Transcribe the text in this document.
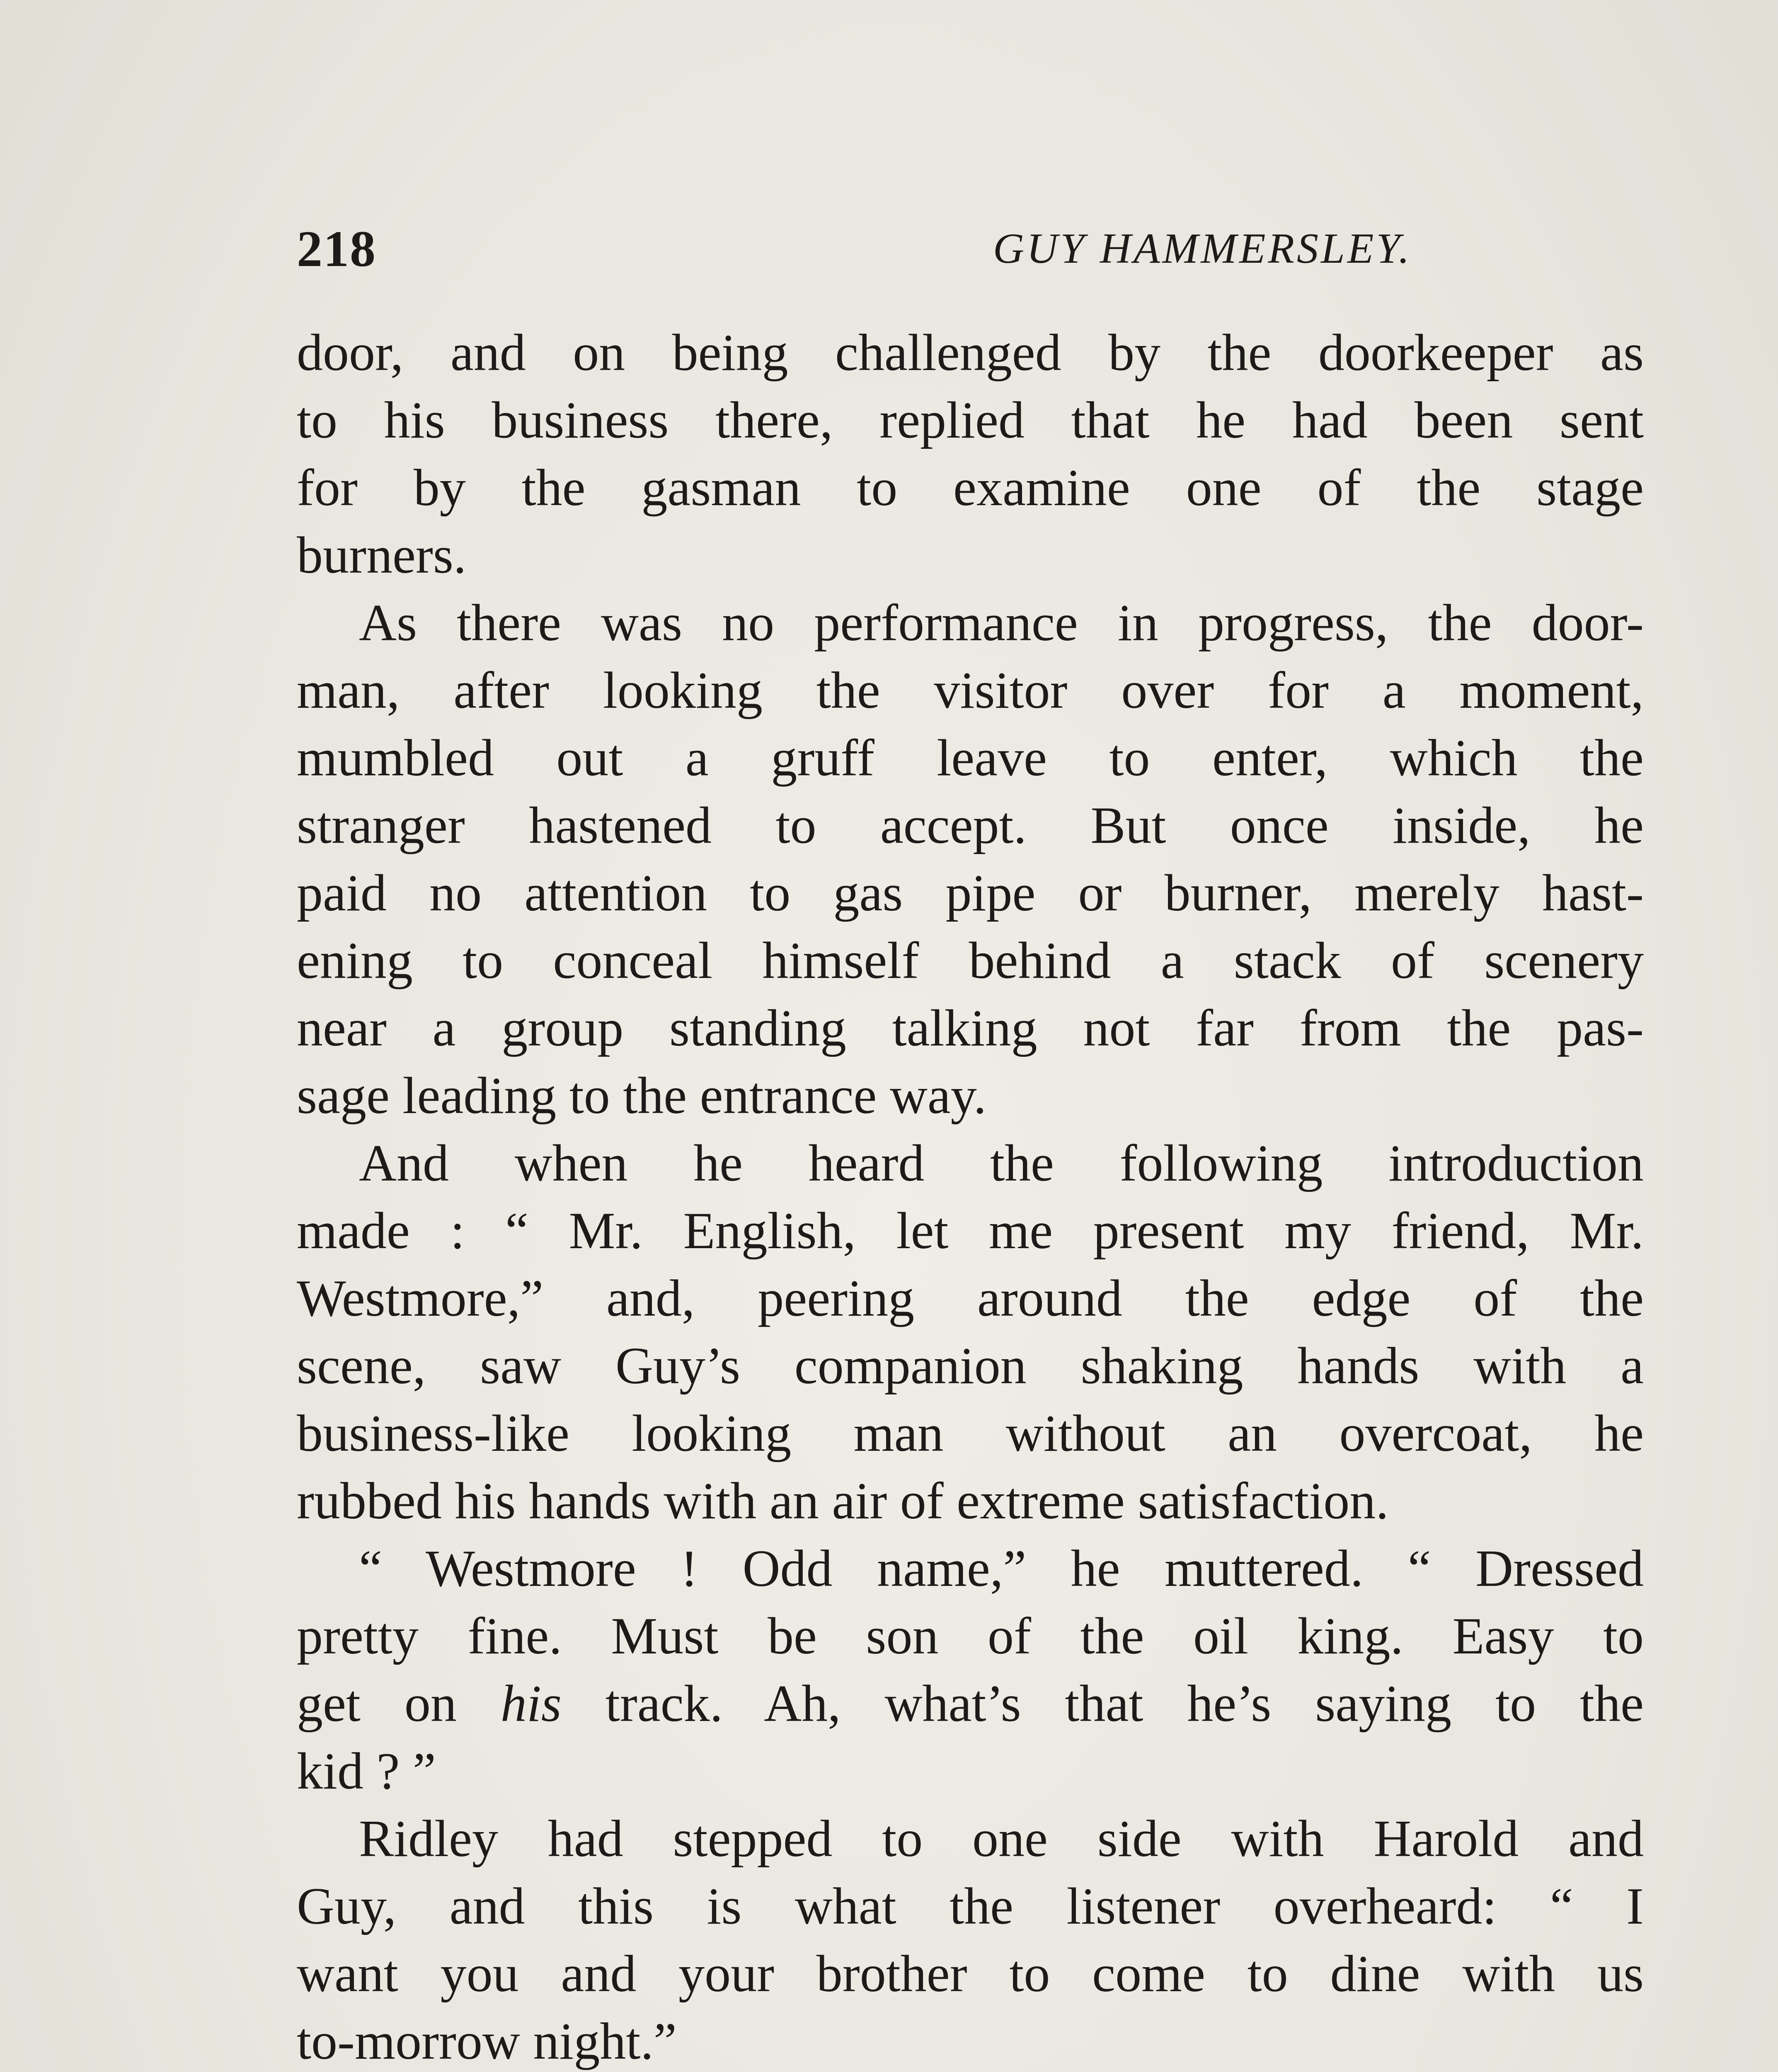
218	GUY HAMMERSLEY.
door, and on being challenged by the doorkeeper as
to his business there, replied that he had been sent
for by the gasman to examine one of the stage
burners.
As there was no performance in progress, the door-
man, after looking the visitor over for a moment,
mumbled out a gruff leave to enter, which the
stranger hastened to accept. But once inside, he
paid no attention to gas pipe or burner, merely hast-
ening to conceal himself behind a stack of scenery
near a group standing talking not far from the pas-
sage leading to the entrance way.
And when he heard the following introduction
made : “ Mr. English, let me present my friend, Mr.
Westmore,” and, peering around the edge of the
scene, saw Guy’s companion shaking hands with a
business-like looking man without an overcoat, he
rubbed his hands with an air of extreme satisfaction.
“ Westmore ! Odd name,” he muttered. “ Dressed
pretty fine. Must be son of the oil king. Easy to
get on his track. Ah, what’s that he’s saying to the
kid ? ”
Ridley had stepped to one side with Harold and
Guy, and this is what the listener overheard: “ I
want you and your brother to come to dine with us
to-morrow night.”
